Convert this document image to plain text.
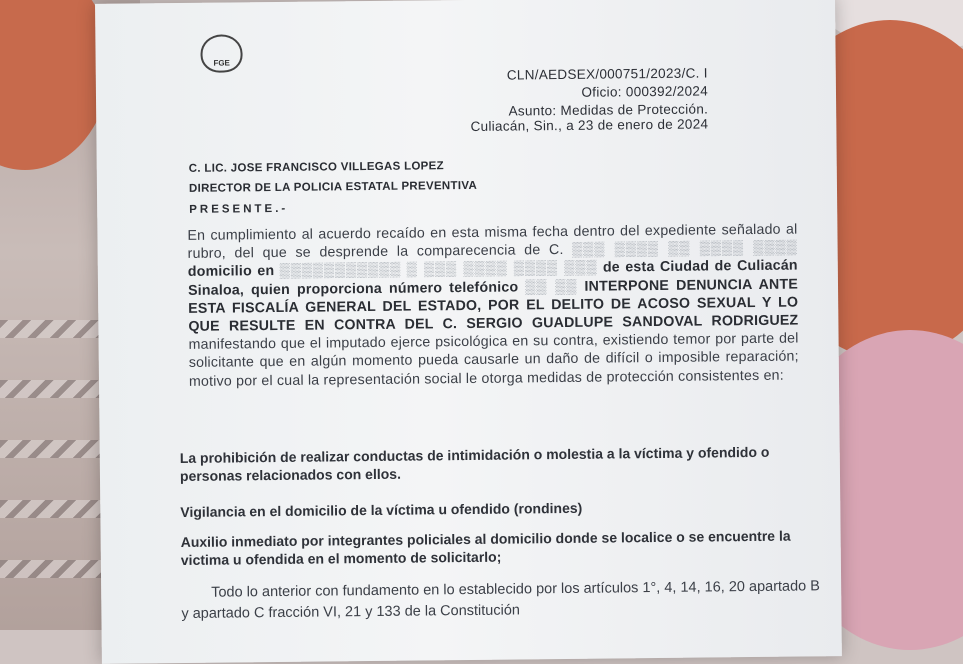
FGE
CLN/AEDSEX/000751/2023/C. I
Oficio: 000392/2024
Asunto: Medidas de Protección.
Culiacán, Sin., a 23 de enero de 2024
C. LIC. JOSE FRANCISCO VILLEGAS LOPEZ
DIRECTOR DE LA POLICIA ESTATAL PREVENTIVA
PRESENTE.-
En cumplimiento al acuerdo recaído en esta misma fecha dentro del expediente señalado al rubro, del que se desprende la comparecencia de C. ▒▒▒ ▒▒▒▒ ▒▒ ▒▒▒▒ ▒▒▒▒ domicilio en ▒▒▒▒▒▒▒▒▒▒▒ ▒ ▒▒▒ ▒▒▒▒ ▒▒▒▒ ▒▒▒ de esta Ciudad de Culiacán Sinaloa, quien proporciona número telefónico ▒▒ ▒▒ INTERPONE DENUNCIA ANTE ESTA FISCALÍA GENERAL DEL ESTADO, POR EL DELITO DE ACOSO SEXUAL Y LO QUE RESULTE EN CONTRA DEL C. SERGIO GUADLUPE SANDOVAL RODRIGUEZ manifestando que el imputado ejerce psicológica en su contra, existiendo temor por parte del solicitante que en algún momento pueda causarle un daño de difícil o imposible reparación; motivo por el cual la representación social le otorga medidas de protección consistentes en:
La prohibición de realizar conductas de intimidación o molestia a la víctima y ofendido o personas relacionados con ellos.
Vigilancia en el domicilio de la víctima u ofendido (rondines)
Auxilio inmediato por integrantes policiales al domicilio donde se localice o se encuentre la victima u ofendida en el momento de solicitarlo;
Todo lo anterior con fundamento en lo establecido por los artículos 1°, 4, 14, 16, 20 apartado B y apartado C fracción VI, 21 y 133 de la Constitución
